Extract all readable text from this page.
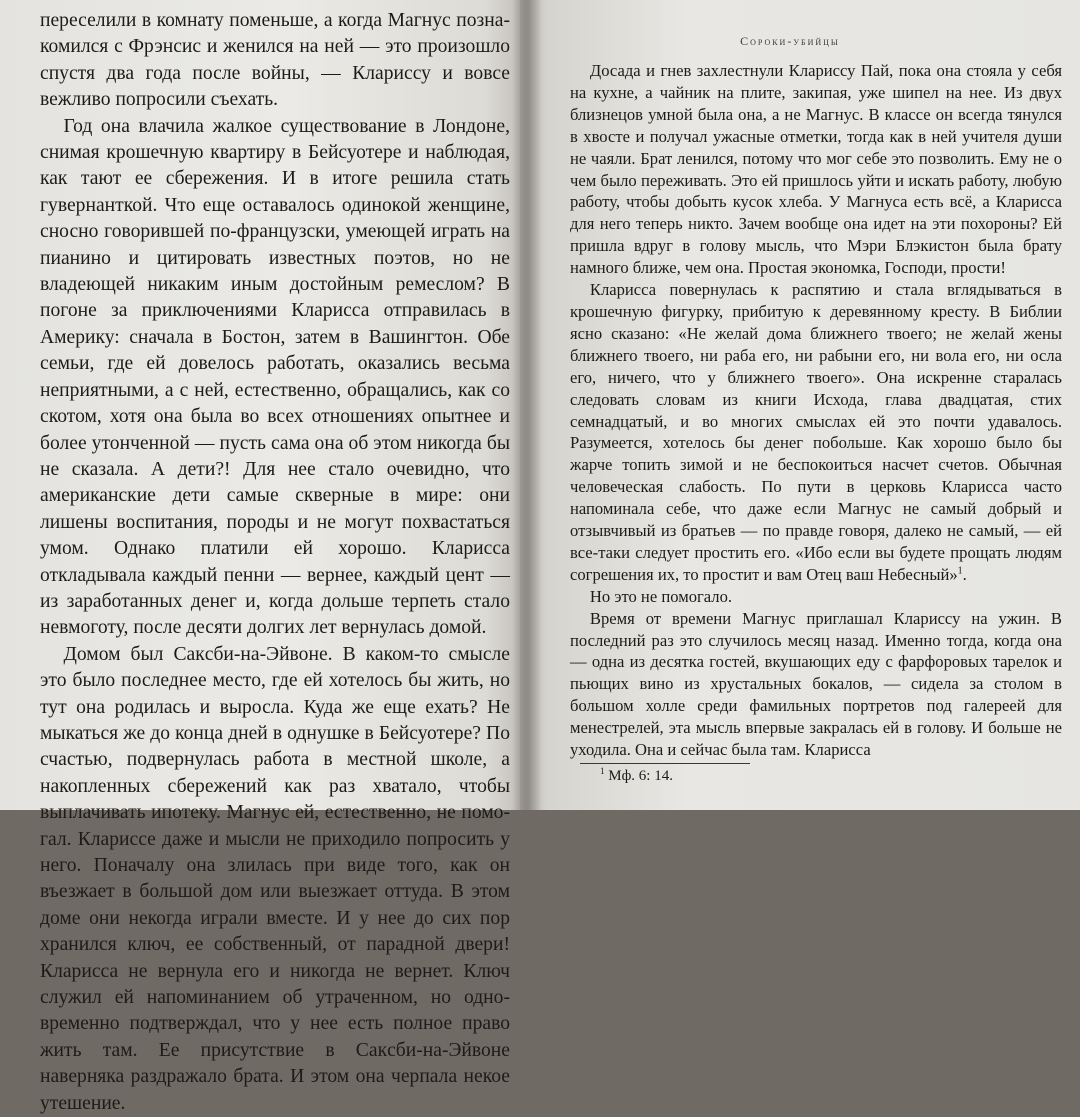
переселили в комнату поменьше, а когда Магнус познакомился с Фрэнсис и женился на ней — это произошло спустя два года после войны, — Клариссу и вовсе вежливо попросили съехать.

Год она влачила жалкое существование в Лондоне, снимая крошечную квартиру в Бейсуотере и наблюдая, как тают ее сбережения. И в итоге решила стать гувернанткой. Что еще оставалось одинокой женщине, сносно говорившей по-французски, умеющей играть на пианино и цитировать известных поэтов, но не владеющей никаким иным достойным ремеслом? В погоне за приключениями Кларисса отправилась в Америку: сначала в Бостон, затем в Вашингтон. Обе семьи, где ей довелось работать, оказались весьма неприятными, а с ней, естественно, обращались, как со скотом, хотя она была во всех отношениях опытнее и более утонченной — пусть сама она об этом никогда бы не сказала. А дети?! Для нее стало очевидно, что американские дети самые скверные в мире: они лишены воспитания, породы и не могут похвастаться умом. Однако платили ей хорошо. Кларисса откладывала каждый пенни — вернее, каждый цент — из заработанных денег и, когда дольше терпеть стало невмоготу, после десяти долгих лет вернулась домой.

Домом был Сакcби-на-Эйвоне. В каком-то смысле это было последнее место, где ей хотелось бы жить, но тут она родилась и выросла. Куда же еще ехать? Не мыкаться же до конца дней в однушке в Бейсуотере? По счастью, подвернулась работа в местной школе, а накопленных сбережений как раз хватало, чтобы выплачивать ипотеку. Магнус ей, естественно, не помогал. Клариссе даже и мысли не приходило попросить у него. Поначалу она злилась при виде того, как он въезжает в большой дом или выезжает оттуда. В этом доме они некогда играли вместе. И у нее до сих пор хранился ключ, ее собственный, от парадной двери! Кларисса не вернула его и никогда не вернет. Ключ служил ей напоминанием об утраченном, но одновременно подтверждал, что у нее есть полное право жить там. Ее присутствие в Сакcби-на-Эйвоне наверняка раздражало брата. И этом она черпала некое утешение.

Сороки-убийцы

Досада и гнев захлестнули Клариссу Пай, пока она стояла у себя на кухне, а чайник на плите, закипая, уже шипел на нее. Из двух близнецов умной была она, а не Магнус. В классе он всегда тянулся в хвосте и получал ужасные отметки, тогда как в ней учителя души не чаяли. Брат ленился, потому что мог себе это позволить. Ему не о чем было переживать. Это ей пришлось уйти и искать работу, любую работу, чтобы добыть кусок хлеба. У Магнуса есть всё, а Кларисса для него теперь никто. Зачем вообще она идет на эти похороны? Ей пришла вдруг в голову мысль, что Мэри Блэкистон была брату намного ближе, чем она. Простая экономка, Господи, прости!

Кларисса повернулась к распятию и стала вглядываться в крошечную фигурку, прибитую к деревянному кресту. В Библии ясно сказано: «Не желай дома ближнего твоего; не желай жены ближнего твоего, ни раба его, ни рабыни его, ни вола его, ни осла его, ничего, что у ближнего твоего». Она искренне старалась следовать словам из книги Исхода, глава двадцатая, стих семнадцатый, и во многих смыслах ей это почти удавалось. Разумеется, хотелось бы денег побольше. Как хорошо было бы жарче топить зимой и не беспокоиться насчет счетов. Обычная человеческая слабость. По пути в церковь Кларисса часто напоминала себе, что даже если Магнус не самый добрый и отзывчивый из братьев — по правде говоря, далеко не самый, — ей все-таки следует простить его. «Ибо если вы будете прощать людям согрешения их, то простит и вам Отец ваш Небесный»$^1$.

Но это не помогало.

Время от времени Магнус приглашал Клариссу на ужин. В последний раз это случилось месяц назад. Именно тогда, когда она — одна из десятка гостей, вкушающих еду с фарфоровых тарелок и пьющих вино из хрустальных бокалов, — сидела за столом в большом холле среди фамильных портретов под галереей для менестрелей, эта мысль впервые закралась ей в голову. И больше не уходила. Она и сейчас была там. Кларисса

$^1$ Мф. 6: 14.
